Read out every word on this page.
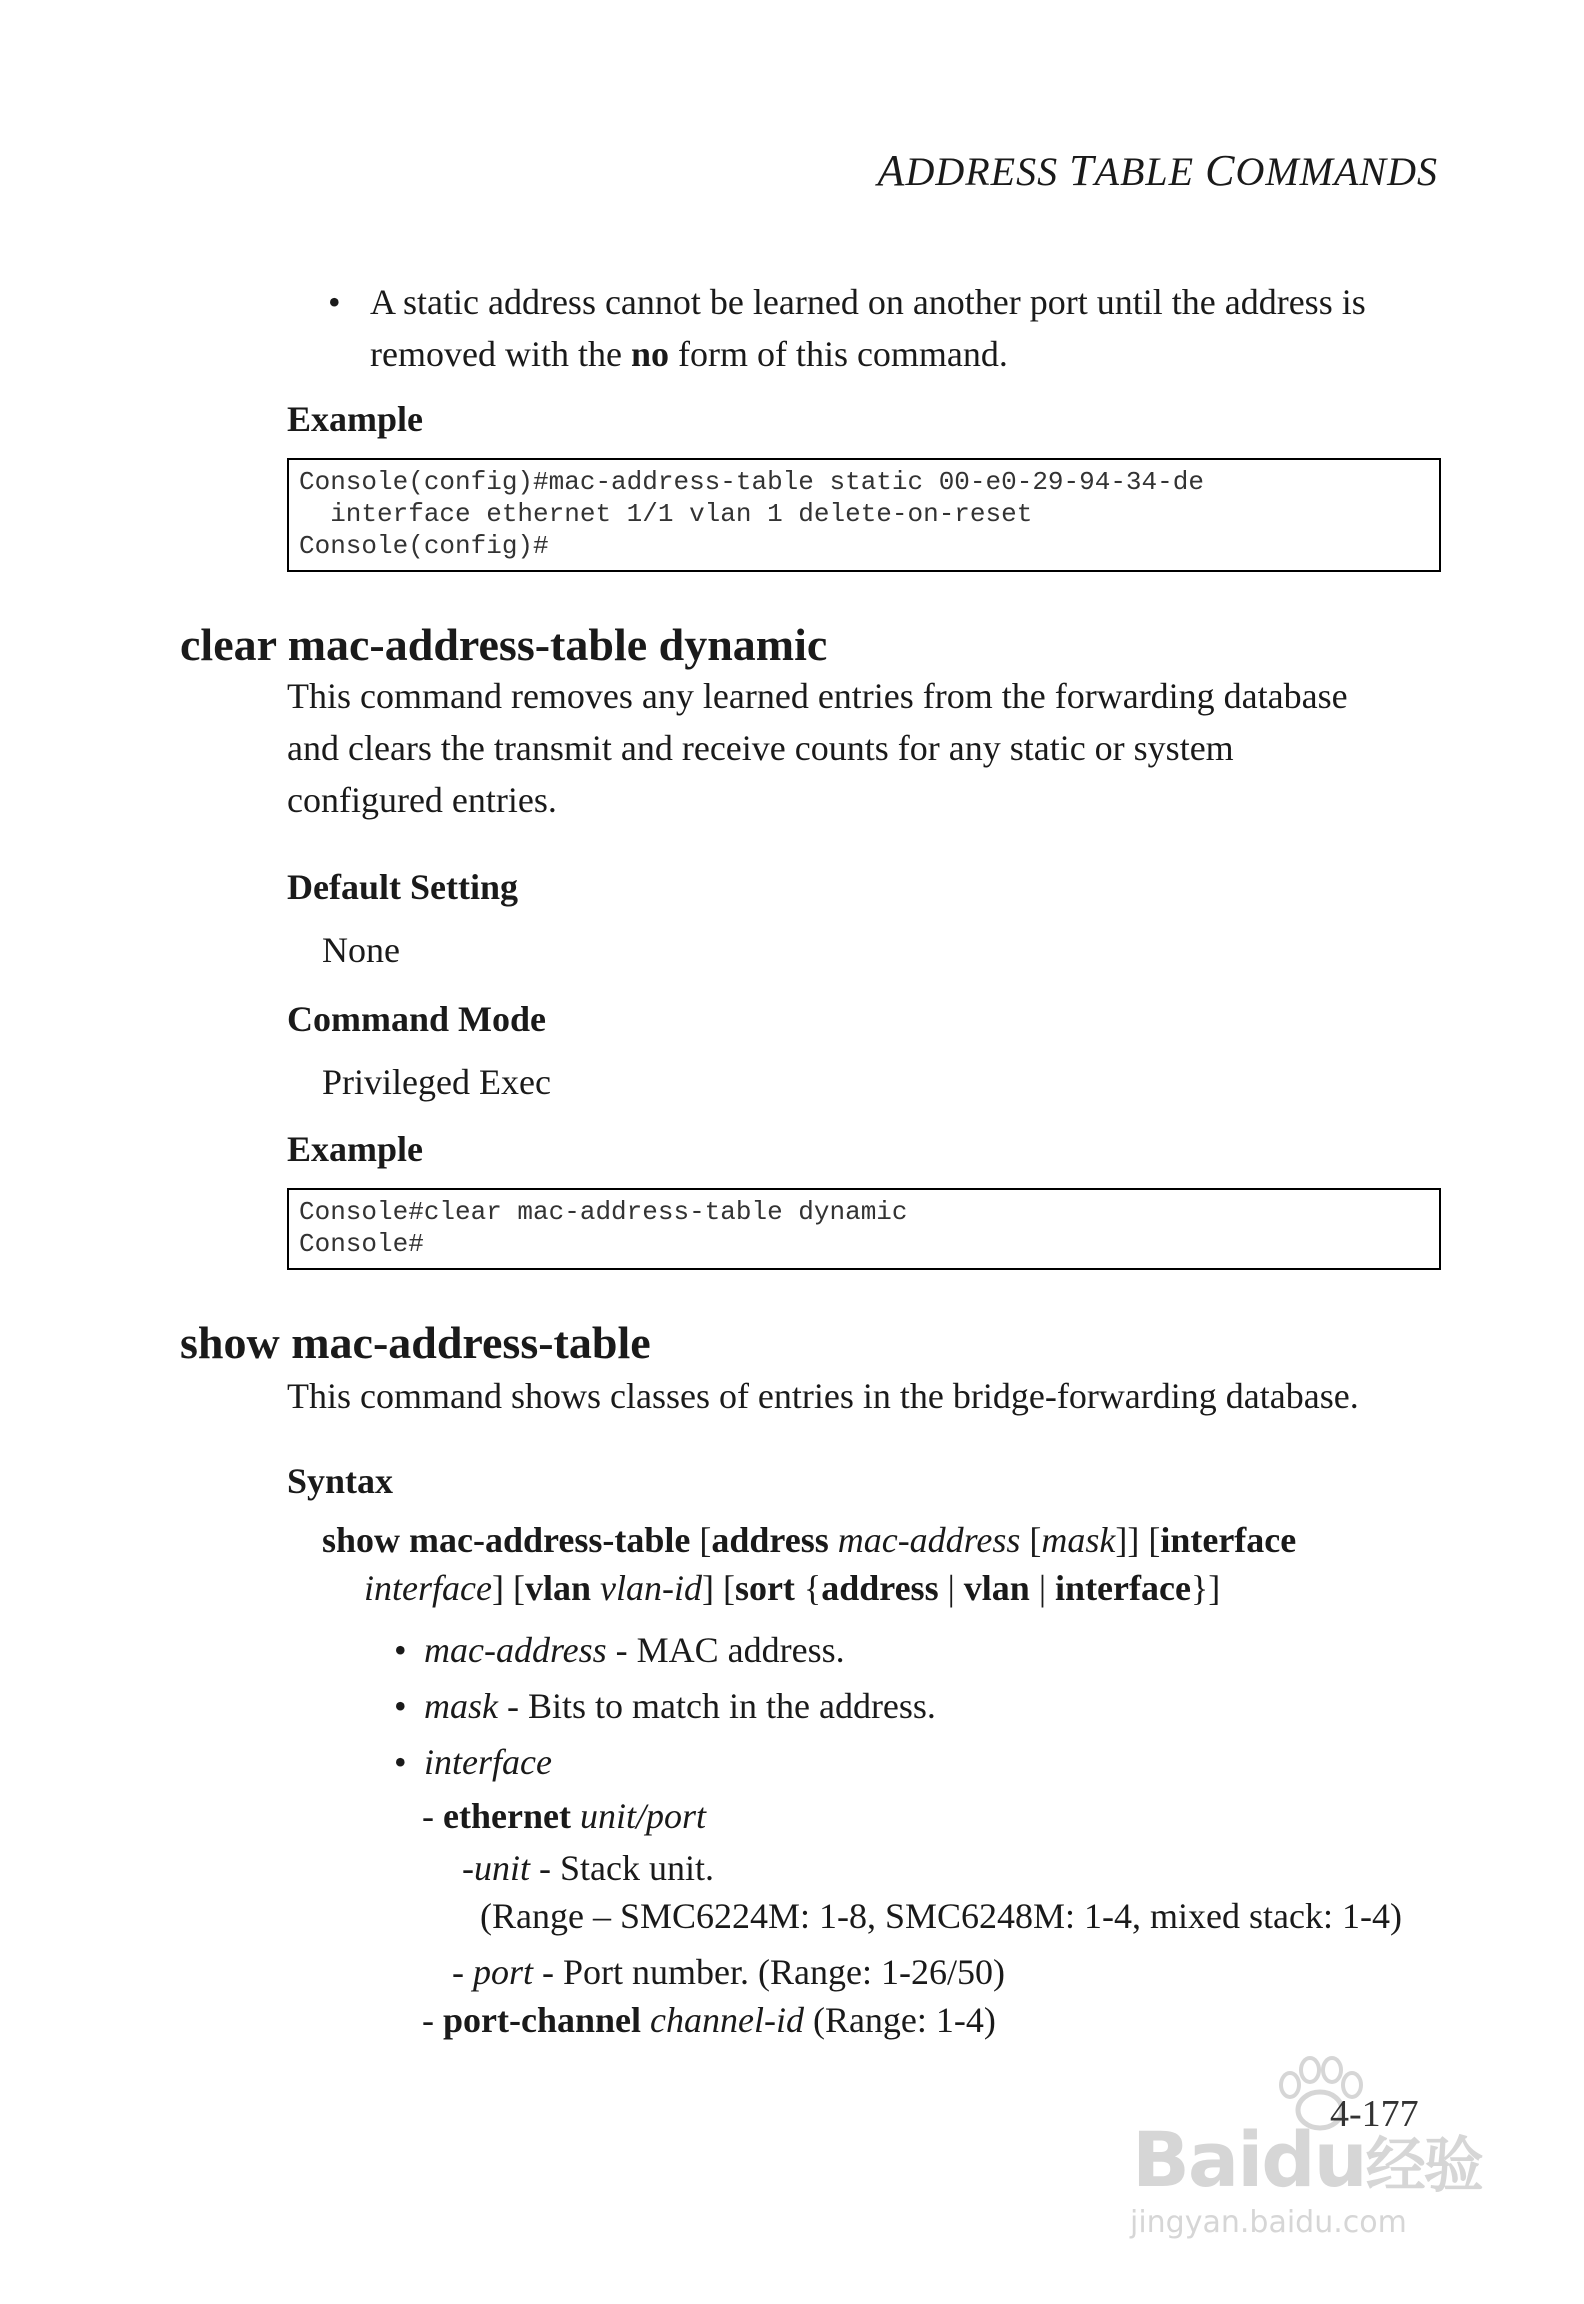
ADDRESS TABLE COMMANDS
• A static address cannot be learned on another port until the address is
removed with the no form of this command.
Example
Console(config)#mac-address-table static 00-e0-29-94-34-de
interface ethernet 1/1 vlan 1 delete-on-reset
Console(config)#
clear mac-address-table dynamic
This command removes any learned entries from the forwarding database
and clears the transmit and receive counts for any static or system
configured entries.
Default Setting
None
Command Mode
Privileged Exec
Example
Console#clear mac-address-table dynamic
Console#
show mac-address-table
This command shows classes of entries in the bridge-forwarding database.
Syntax
show mac-address-table [address mac-address [mask]] [interface
interface] [vlan vlan-id] [sort {address | vlan | interface}]
• mac-address - MAC address.
• mask - Bits to match in the address.
• interface
- ethernet unit/port
-unit - Stack unit.
(Range – SMC6224M: 1-8, SMC6248M: 1-4, mixed stack: 1-4)
- port - Port number. (Range: 1-26/50)
- port-channel channel-id (Range: 1-4)
Baidu经验
jingyan.baidu.com
4-177
